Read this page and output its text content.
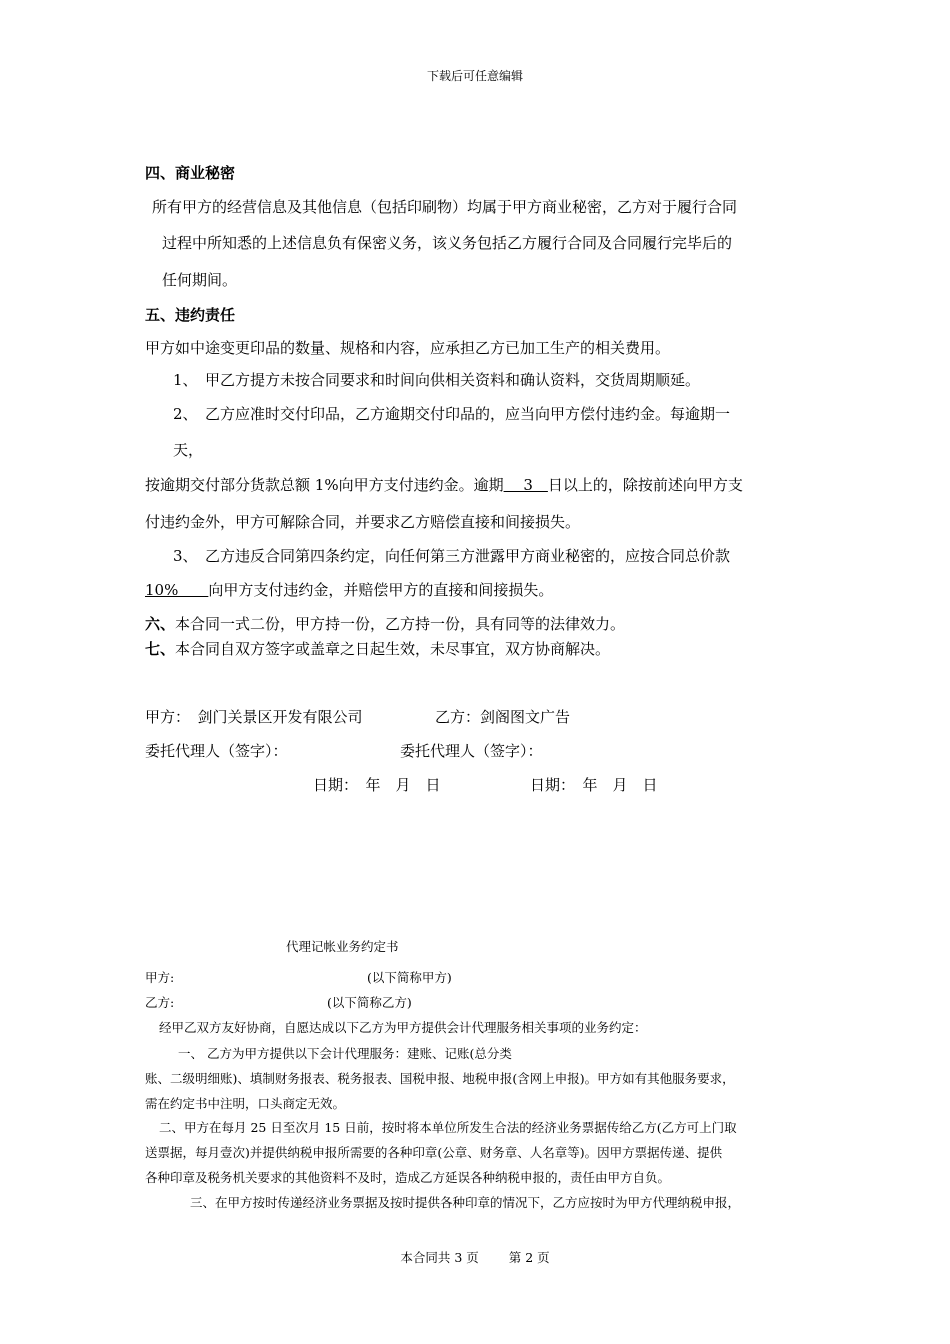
下载后可任意编辑
四、商业秘密
所有甲方的经营信息及其他信息（包括印刷物）均属于甲方商业秘密，乙方对于履行合同
过程中所知悉的上述信息负有保密义务，该义务包括乙方履行合同及合同履行完毕后的
任何期间。
五、违约责任
甲方如中途变更印品的数量、规格和内容，应承担乙方已加工生产的相关费用。
1、　甲乙方提方未按合同要求和时间向供相关资料和确认资料，交货周期顺延。
2、　乙方应准时交付印品，乙方逾期交付印品的，应当向甲方偿付违约金。每逾期一
天，
按逾期交付部分货款总额 1%向甲方支付违约金。逾期　 3　日以上的，除按前述向甲方支
付违约金外，甲方可解除合同，并要求乙方赔偿直接和间接损失。
3、　乙方违反合同第四条约定，向任何第三方泄露甲方商业秘密的，应按合同总价款
10%　　向甲方支付违约金，并赔偿甲方的直接和间接损失。
六、本合同一式二份，甲方持一份，乙方持一份，具有同等的法律效力。
七、本合同自双方签字或盖章之日起生效，未尽事宜，双方协商解决。
甲方：　剑门关景区开发有限公司	乙方：剑阁图文广告
委托代理人（签字）：	委托代理人（签字）：
日期：　年　月　日	日期：　年　月　日
代理记帐业务约定书
甲方:	(以下简称甲方)
乙方:	(以下简称乙方)
经甲乙双方友好协商，自愿达成以下乙方为甲方提供会计代理服务相关事项的业务约定：
一、 乙方为甲方提供以下会计代理服务：建账、记账(总分类
账、二级明细账)、填制财务报表、税务报表、国税申报、地税申报(含网上申报)。甲方如有其他服务要求，
需在约定书中注明，口头商定无效。
二、甲方在每月 25 日至次月 15 日前，按时将本单位所发生合法的经济业务票据传给乙方(乙方可上门取
送票据，每月壹次)并提供纳税申报所需要的各种印章(公章、财务章、人名章等)。因甲方票据传递、提供
各种印章及税务机关要求的其他资料不及时，造成乙方延误各种纳税申报的，责任由甲方自负。
三、在甲方按时传递经济业务票据及按时提供各种印章的情况下，乙方应按时为甲方代理纳税申报，
本合同共 3 页 第 2 页
